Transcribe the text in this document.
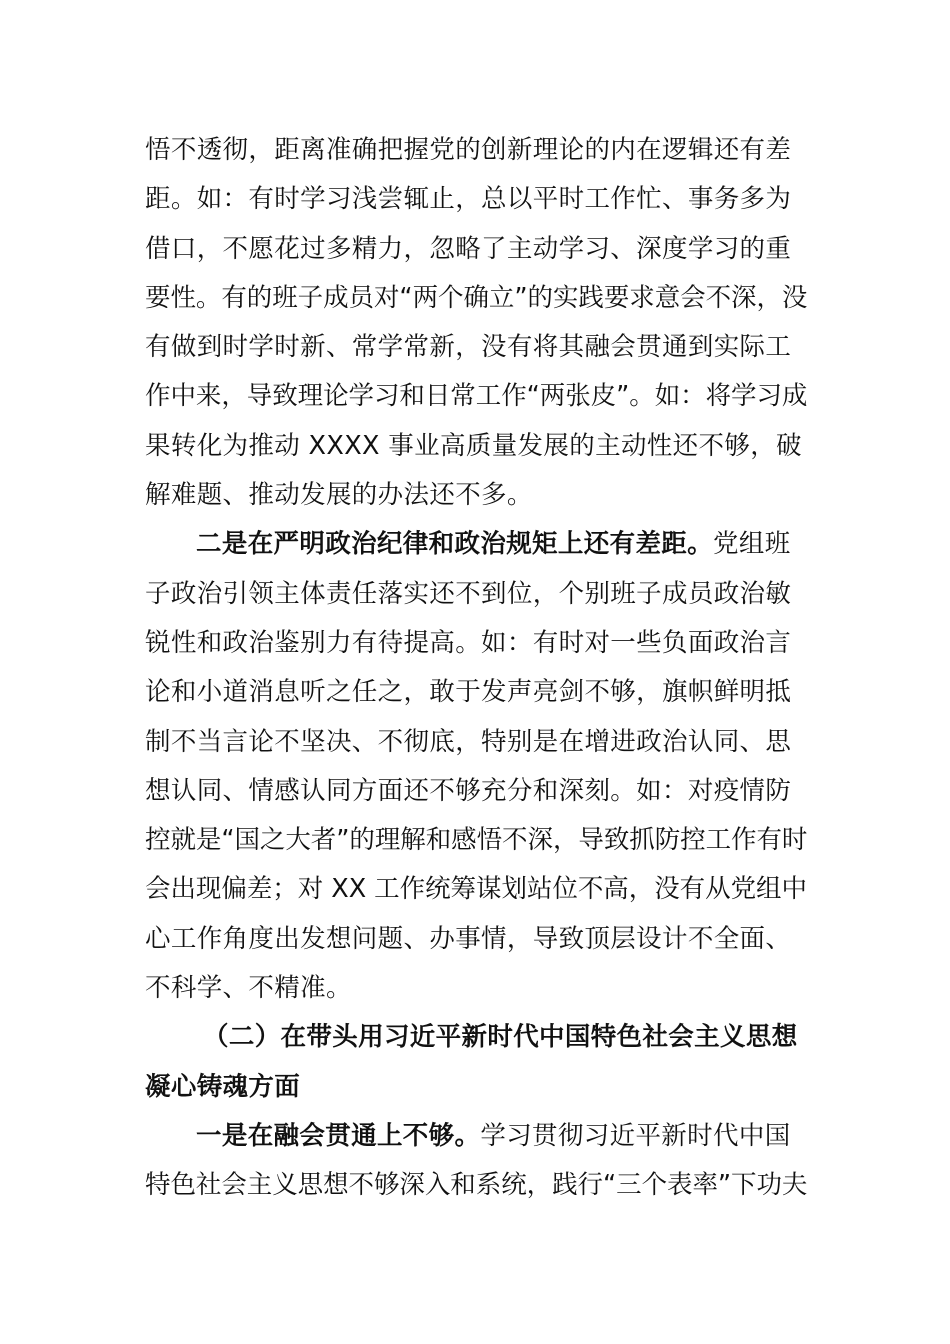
悟不透彻，距离准确把握党的创新理论的内在逻辑还有差
距。如：有时学习浅尝辄止，总以平时工作忙、事务多为
借口，不愿花过多精力，忽略了主动学习、深度学习的重
要性。有的班子成员对“两个确立”的实践要求意会不深，没
有做到时学时新、常学常新，没有将其融会贯通到实际工
作中来，导致理论学习和日常工作“两张皮”。如：将学习成
果转化为推动 XXXX 事业高质量发展的主动性还不够，破
解难题、推动发展的办法还不多。
二是在严明政治纪律和政治规矩上还有差距。党组班
子政治引领主体责任落实还不到位，个别班子成员政治敏
锐性和政治鉴别力有待提高。如：有时对一些负面政治言
论和小道消息听之任之，敢于发声亮剑不够，旗帜鲜明抵
制不当言论不坚决、不彻底，特别是在增进政治认同、思
想认同、情感认同方面还不够充分和深刻。如：对疫情防
控就是“国之大者”的理解和感悟不深，导致抓防控工作有时
会出现偏差；对 XX 工作统筹谋划站位不高，没有从党组中
心工作角度出发想问题、办事情，导致顶层设计不全面、
不科学、不精准。
（二）在带头用习近平新时代中国特色社会主义思想
凝心铸魂方面
一是在融会贯通上不够。学习贯彻习近平新时代中国
特色社会主义思想不够深入和系统，践行“三个表率”下功夫
